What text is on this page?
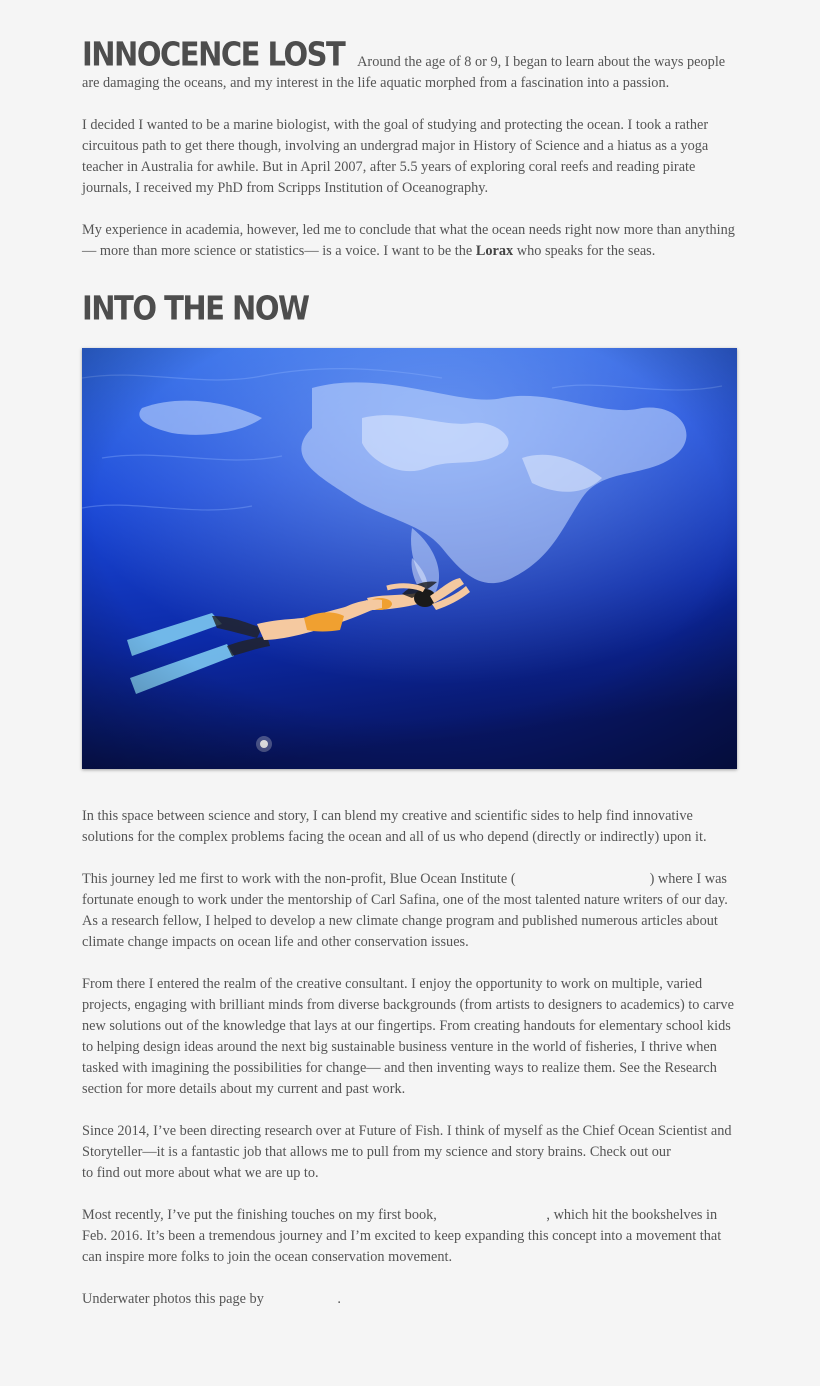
INNOCENCE LOST Around the age of 8 or 9, I began to learn about the ways people are damaging the oceans, and my interest in the life aquatic morphed from a fascination into a passion.

I decided I wanted to be a marine biologist, with the goal of studying and protecting the ocean. I took a rather circuitous path to get there though, involving an undergrad major in History of Science and a hiatus as a yoga teacher in Australia for awhile. But in April 2007, after 5.5 years of exploring coral reefs and reading pirate journals, I received my PhD from Scripps Institution of Oceanography.

My experience in academia, however, led me to conclude that what the ocean needs right now more than anything— more than more science or statistics— is a voice. I want to be the Lorax who speaks for the seas.

INTO THE NOW

In this space between science and story, I can blend my creative and scientific sides to help find innovative solutions for the complex problems facing the ocean and all of us who depend (directly or indirectly) upon it.

This journey led me first to work with the non-profit, Blue Ocean Institute (	) where I was fortunate enough to work under the mentorship of Carl Safina, one of the most talented nature writers of our day. As a research fellow, I helped to develop a new climate change program and published numerous articles about climate change impacts on ocean life and other conservation issues.

From there I entered the realm of the creative consultant. I enjoy the opportunity to work on multiple, varied projects, engaging with brilliant minds from diverse backgrounds (from artists to designers to academics) to carve new solutions out of the knowledge that lays at our fingertips. From creating handouts for elementary school kids to helping design ideas around the next big sustainable business venture in the world of fisheries, I thrive when tasked with imagining the possibilities for change— and then inventing ways to realize them. See the Research section for more details about my current and past work.

Since 2014, I’ve been directing research over at Future of Fish. I think of myself as the Chief Ocean Scientist and Storyteller—it is a fantastic job that allows me to pull from my science and story brains. Check out our  to find out more about what we are up to.

Most recently, I’ve put the finishing touches on my first book,	, which hit the bookshelves in Feb. 2016. It’s been a tremendous journey and I’m excited to keep expanding this concept into a movement that can inspire more folks to join the ocean conservation movement.

Underwater photos this page by	.
